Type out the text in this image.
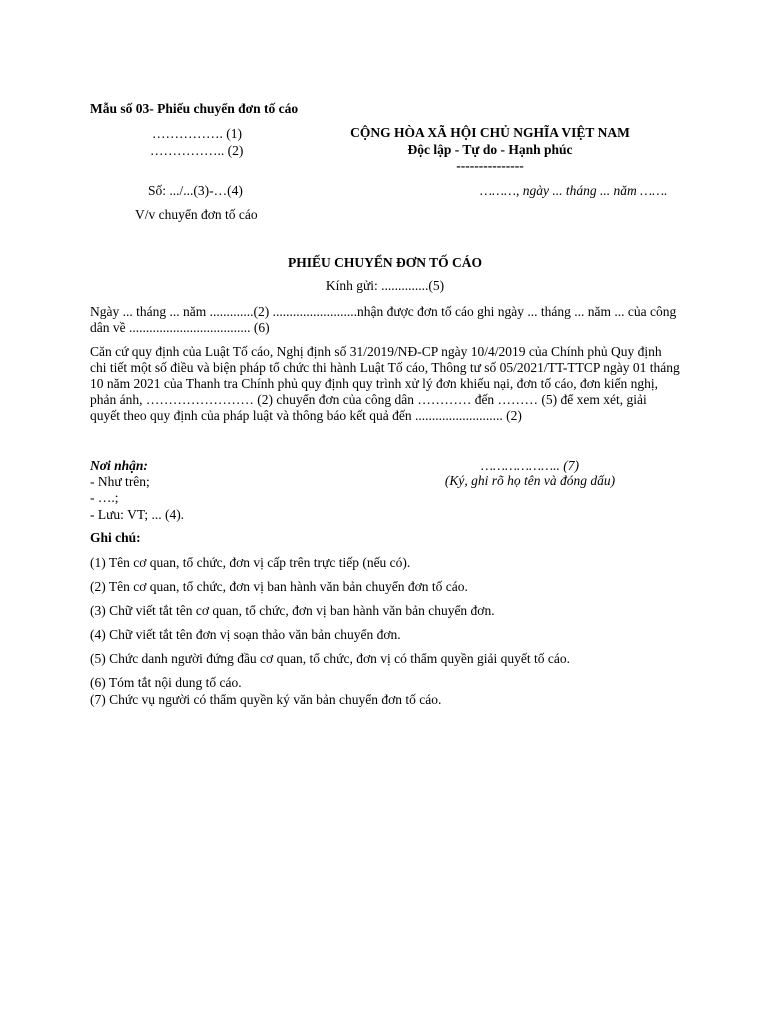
Mẫu số 03- Phiếu chuyển đơn tố cáo
……………. (1)
…………….. (2)
CỘNG HÒA XÃ HỘI CHỦ NGHĨA VIỆT NAM
Độc lập - Tự do - Hạnh phúc
---------------
Số: .../...(3)-…(4)	………, ngày ... tháng ... năm …….
V/v chuyển đơn tố cáo
PHIẾU CHUYỂN ĐƠN TỐ CÁO
Kính gửi: ..............(5)
Ngày ... tháng ... năm .............(2) .........................nhận được đơn tố cáo ghi ngày ... tháng ... năm ... của công dân về .................................... (6)
Căn cứ quy định của Luật Tố cáo, Nghị định số 31/2019/NĐ-CP ngày 10/4/2019 của Chính phủ Quy định chi tiết một số điều và biện pháp tổ chức thi hành Luật Tố cáo, Thông tư số 05/2021/TT-TTCP ngày 01 tháng 10 năm 2021 của Thanh tra Chính phủ quy định quy trình xử lý đơn khiếu nại, đơn tố cáo, đơn kiến nghị, phản ánh, …………………… (2) chuyển đơn của công dân ………… đến ……… (5) để xem xét, giải quyết theo quy định của pháp luật và thông báo kết quả đến .......................... (2)
Nơi nhận:
- Như trên;
- ….;
- Lưu: VT; ... (4).
……………….. (7)
(Ký, ghi rõ họ tên và đóng dấu)
Ghi chú:
(1) Tên cơ quan, tổ chức, đơn vị cấp trên trực tiếp (nếu có).
(2) Tên cơ quan, tổ chức, đơn vị ban hành văn bản chuyển đơn tố cáo.
(3) Chữ viết tắt tên cơ quan, tổ chức, đơn vị ban hành văn bản chuyển đơn.
(4) Chữ viết tắt tên đơn vị soạn thảo văn bản chuyển đơn.
(5) Chức danh người đứng đầu cơ quan, tổ chức, đơn vị có thẩm quyền giải quyết tố cáo.
(6) Tóm tắt nội dung tố cáo.
(7) Chức vụ người có thẩm quyền ký văn bản chuyển đơn tố cáo.
